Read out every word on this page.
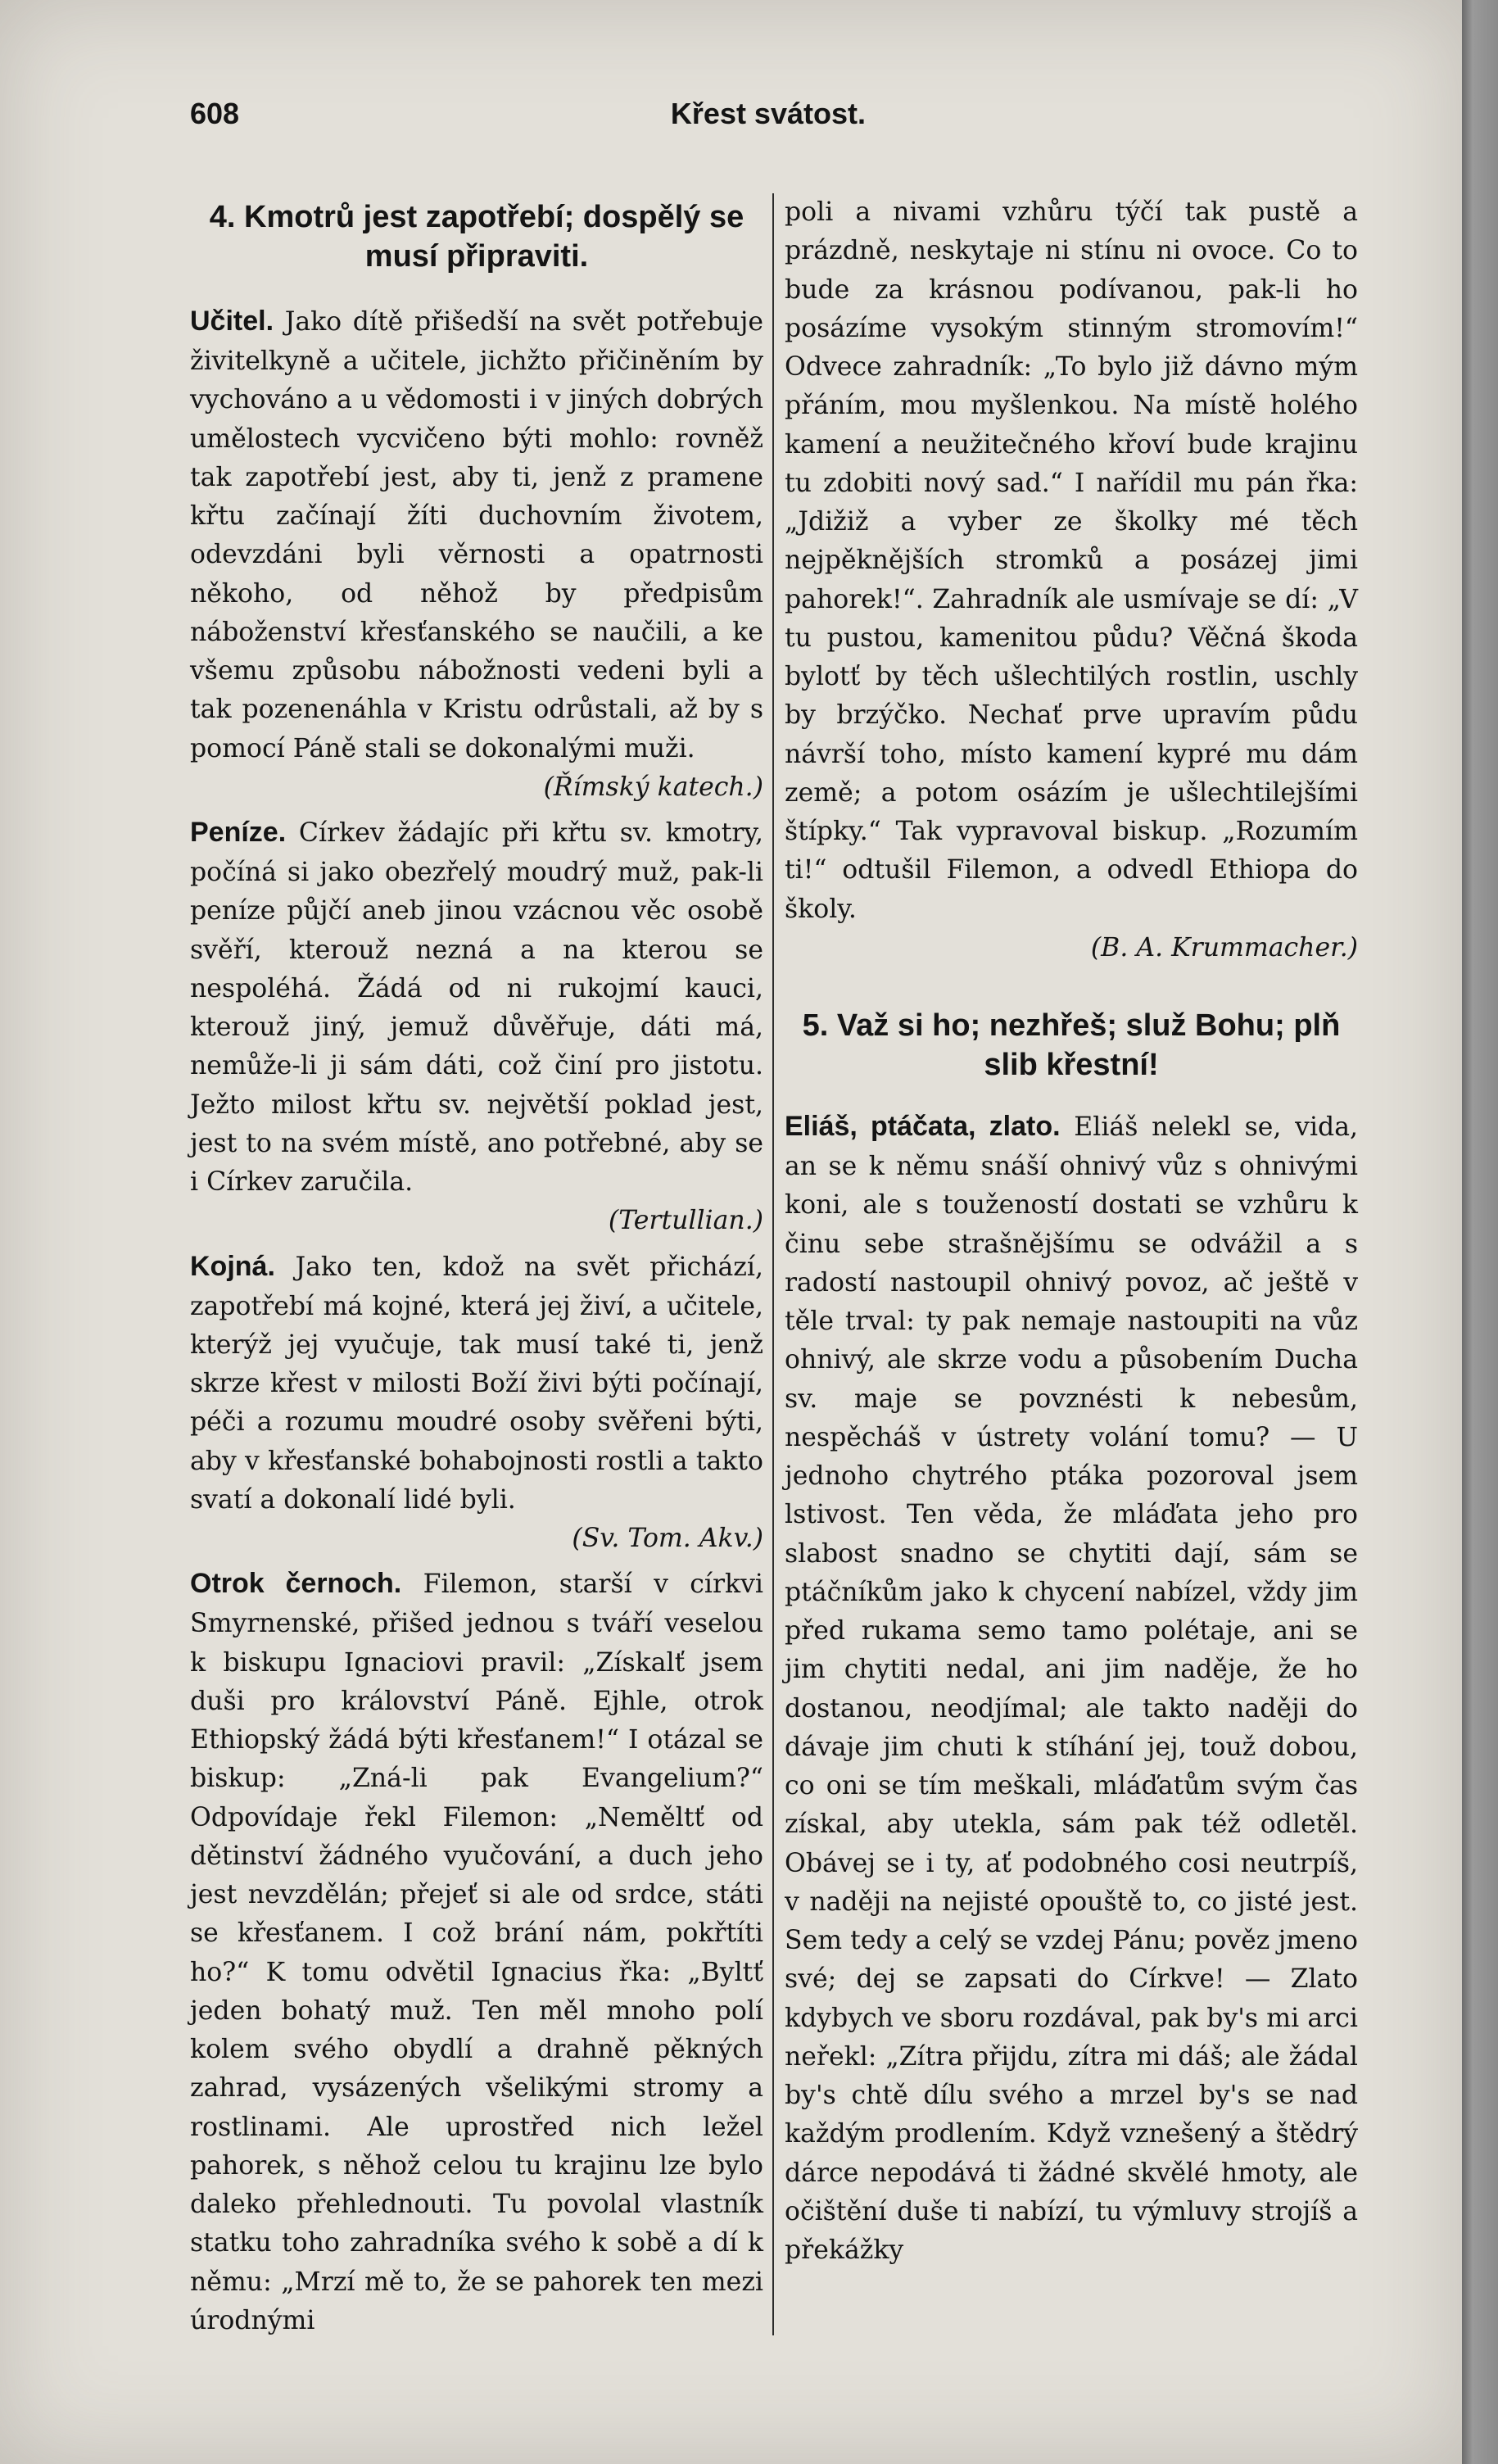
608	Křest svátost.
4. Kmotrů jest zapotřebí; dospělý se musí připraviti.

Učitel. Jako dítě přišedší na svět potřebuje živitelkyně a učitele, jichžto přičiněním by vychováno a u vědomosti i v jiných dobrých umělostech vycvičeno býti mohlo: rovněž tak zapotřebí jest, aby ti, jenž z pramene křtu začínají žíti duchovním životem, odevzdáni byli věrnosti a opatrnosti někoho, od něhož by předpisům náboženství křesťanského se naučili, a ke všemu způsobu nábožnosti vedeni byli a tak pozenenáhla v Kristu odrůstali, až by s pomocí Páně stali se dokonalými muži.
(Římský katech.)

Peníze. Církev žádajíc při křtu sv. kmotry, počíná si jako obezřelý moudrý muž, pak-li peníze půjčí aneb jinou vzácnou věc osobě svěří, kterouž nezná a na kterou se nespoléhá. Žádá od ni rukojmí kauci, kterouž jiný, jemuž důvěřuje, dáti má, nemůže-li ji sám dáti, což činí pro jistotu. Ježto milost křtu sv. největší poklad jest, jest to na svém místě, ano potřebné, aby se i Církev zaručila.
(Tertullian.)

Kojná. Jako ten, kdož na svět přichází, zapotřebí má kojné, která jej živí, a učitele, kterýž jej vyučuje, tak musí také ti, jenž skrze křest v milosti Boží živi býti počínají, péči a rozumu moudré osoby svěřeni býti, aby v křesťanské bohabojnosti rostli a takto svatí a dokonalí lidé byli.
(Sv. Tom. Akv.)

Otrok černoch. Filemon, starší v církvi Smyrnenské, přišed jednou s tváří veselou k biskupu Ignaciovi pravil: „Získalť jsem duši pro království Páně. Ejhle, otrok Ethiopský žádá býti křesťanem!“ I otázal se biskup: „Zná-li pak Evangelium?“ Odpovídaje řekl Filemon: „Neměltť od dětinství žádného vyučování, a duch jeho jest nevzdělán; přejeť si ale od srdce, státi se křesťanem. I což brání nám, pokřtíti ho?“ K tomu odvětil Ignacius řka: „Byltť jeden bohatý muž. Ten měl mnoho polí kolem svého obydlí a drahně pěkných zahrad, vysázených všelikými stromy a rostlinami. Ale uprostřed nich ležel pahorek, s něhož celou tu krajinu lze bylo daleko přehlednouti. Tu povolal vlastník statku toho zahradníka svého k sobě a dí k němu: „Mrzí mě to, že se pahorek ten mezi úrodnými

poli a nivami vzhůru týčí tak pustě a prázdně, neskytaje ni stínu ni ovoce. Co to bude za krásnou podívanou, pak-li ho posázíme vysokým stinným stromovím!“ Odvece zahradník: „To bylo již dávno mým přáním, mou myšlenkou. Na místě holého kamení a neužitečného křoví bude krajinu tu zdobiti nový sad.“ I nařídil mu pán řka: „Jdižiž a vyber ze školky mé těch nejpěknějších stromků a posázej jimi pahorek!“. Zahradník ale usmívaje se dí: „V tu pustou, kamenitou půdu? Věčná škoda bylotť by těch ušlechtilých rostlin, uschly by brzýčko. Nechať prve upravím půdu návrší toho, místo kamení kypré mu dám země; a potom osázím je ušlechtilejšími štípky.“ Tak vypravoval biskup. „Rozumím ti!“ odtušil Filemon, a odvedl Ethiopa do školy.
(B. A. Krummacher.)

5. Važ si ho; nezhřeš; služ Bohu; plň slib křestní!

Eliáš, ptáčata, zlato. Eliáš nelekl se, vida, an se k němu snáší ohnivý vůz s ohnivými koni, ale s toužeností dostati se vzhůru k činu sebe strašnějšímu se odvážil a s radostí nastoupil ohnivý povoz, ač ještě v těle trval: ty pak nemaje nastoupiti na vůz ohnivý, ale skrze vodu a působením Ducha sv. maje se povznésti k nebesům, nespěcháš v ústrety volání tomu? — U jednoho chytrého ptáka pozoroval jsem lstivost. Ten věda, že mláďata jeho pro slabost snadno se chytiti dají, sám se ptáčníkům jako k chycení nabízel, vždy jim před rukama semo tamo polétaje, ani se jim chytiti nedal, ani jim naděje, že ho dostanou, neodjímal; ale takto naději do dávaje jim chuti k stíhání jej, touž dobou, co oni se tím meškali, mláďatům svým čas získal, aby utekla, sám pak též odletěl. Obávej se i ty, ať podobného cosi neutrpíš, v naději na nejisté opouště to, co jisté jest. Sem tedy a celý se vzdej Pánu; pověz jmeno své; dej se zapsati do Církve! — Zlato kdybych ve sboru rozdával, pak by's mi arci neřekl: „Zítra přijdu, zítra mi dáš; ale žádal by's chtě dílu svého a mrzel by's se nad každým prodlením. Když vznešený a štědrý dárce nepodává ti žádné skvělé hmoty, ale očištění duše ti nabízí, tu výmluvy strojíš a překážky
